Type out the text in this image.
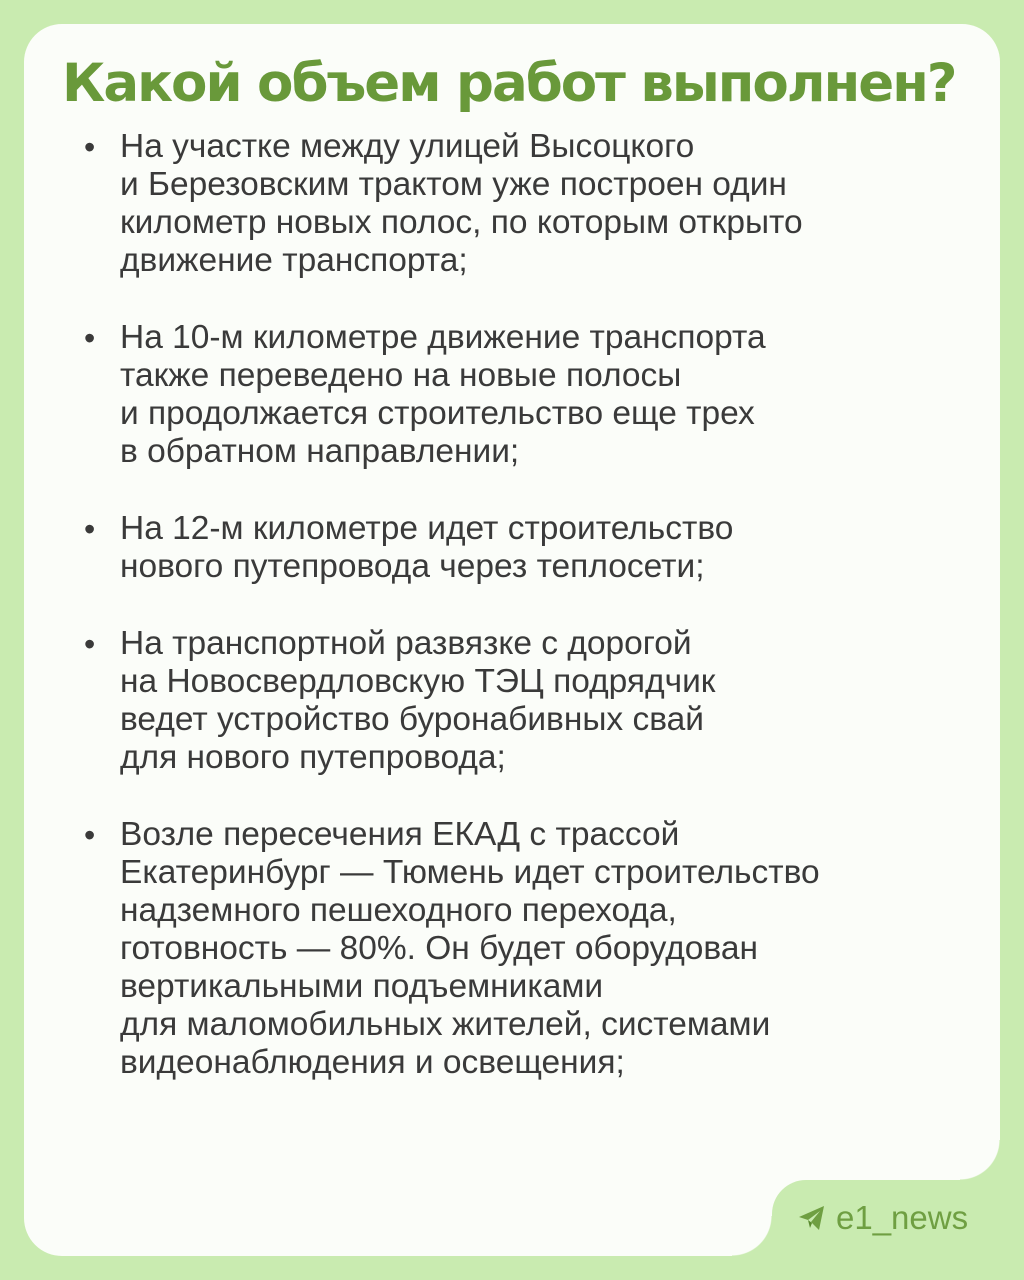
Какой объем работ выполнен?
• На участке между улицей Высоцкого
и Березовским трактом уже построен один
километр новых полос, по которым открыто
движение транспорта;
• На 10-м километре движение транспорта
также переведено на новые полосы
и продолжается строительство еще трех
в обратном направлении;
• На 12-м километре идет строительство
нового путепровода через теплосети;
• На транспортной развязке с дорогой
на Новосвердловскую ТЭЦ подрядчик
ведет устройство буронабивных свай
для нового путепровода;
• Возле пересечения ЕКАД с трассой
Екатеринбург — Тюмень идет строительство
надземного пешеходного перехода,
готовность — 80%. Он будет оборудован
вертикальными подъемниками
для маломобильных жителей, системами
видеонаблюдения и освещения;
e1_news
